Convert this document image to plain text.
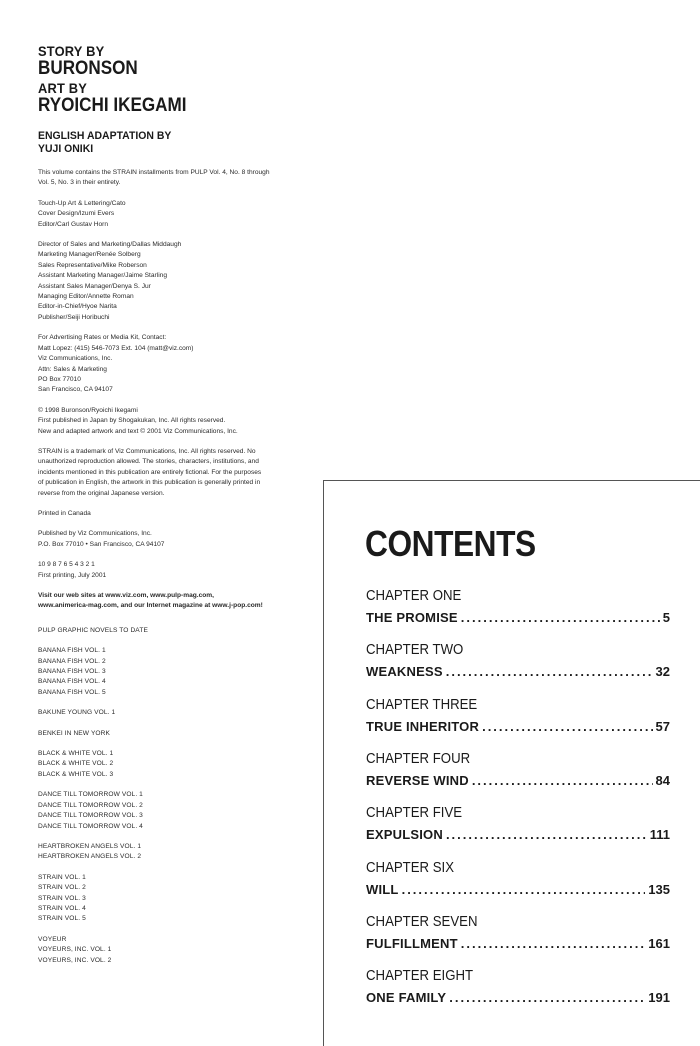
STORY BY
BURONSON
ART BY
RYOICHI IKEGAMI
ENGLISH ADAPTATION BY
YUJI ONIKI
This volume contains the STRAIN installments from PULP Vol. 4, No. 8 through
Vol. 5, No. 3 in their entirety.
Touch-Up Art & Lettering/Cato
Cover Design/Izumi Evers
Editor/Carl Gustav Horn
Director of Sales and Marketing/Dallas Middaugh
Marketing Manager/Renée Solberg
Sales Representative/Mike Roberson
Assistant Marketing Manager/Jaime Starling
Assistant Sales Manager/Denya S. Jur
Managing Editor/Annette Roman
Editor-in-Chief/Hyoe Narita
Publisher/Seiji Horibuchi
For Advertising Rates or Media Kit, Contact:
Matt Lopez: (415) 546-7073 Ext. 104 (matt@viz.com)
Viz Communications, Inc.
Attn: Sales & Marketing
PO Box 77010
San Francisco, CA 94107
© 1998 Buronson/Ryoichi Ikegami
First published in Japan by Shogakukan, Inc. All rights reserved.
New and adapted artwork and text © 2001 Viz Communications, Inc.
STRAIN is a trademark of Viz Communications, Inc. All rights reserved. No
unauthorized reproduction allowed. The stories, characters, institutions, and
incidents mentioned in this publication are entirely fictional. For the purposes
of publication in English, the artwork in this publication is generally printed in
reverse from the original Japanese version.
Printed in Canada
Published by Viz Communications, Inc.
P.O. Box 77010 • San Francisco, CA 94107
10 9 8 7 6 5 4 3 2 1
First printing, July 2001
Visit our web sites at www.viz.com, www.pulp-mag.com,
www.animerica-mag.com, and our Internet magazine at www.j-pop.com!
PULP GRAPHIC NOVELS TO DATE
BANANA FISH VOL. 1
BANANA FISH VOL. 2
BANANA FISH VOL. 3
BANANA FISH VOL. 4
BANANA FISH VOL. 5
BAKUNE YOUNG VOL. 1
BENKEI IN NEW YORK
BLACK & WHITE VOL. 1
BLACK & WHITE VOL. 2
BLACK & WHITE VOL. 3
DANCE TILL TOMORROW VOL. 1
DANCE TILL TOMORROW VOL. 2
DANCE TILL TOMORROW VOL. 3
DANCE TILL TOMORROW VOL. 4
HEARTBROKEN ANGELS VOL. 1
HEARTBROKEN ANGELS VOL. 2
STRAIN VOL. 1
STRAIN VOL. 2
STRAIN VOL. 3
STRAIN VOL. 4
STRAIN VOL. 5
VOYEUR
VOYEURS, INC. VOL. 1
VOYEURS, INC. VOL. 2
CONTENTS
CHAPTER ONE
THE PROMISE .....	5
CHAPTER TWO
WEAKNESS .....	32
CHAPTER THREE
TRUE INHERITOR .....	57
CHAPTER FOUR
REVERSE WIND .....	84
CHAPTER FIVE
EXPULSION .....	111
CHAPTER SIX
WILL .....	135
CHAPTER SEVEN
FULFILLMENT .....	161
CHAPTER EIGHT
ONE FAMILY .....	191
